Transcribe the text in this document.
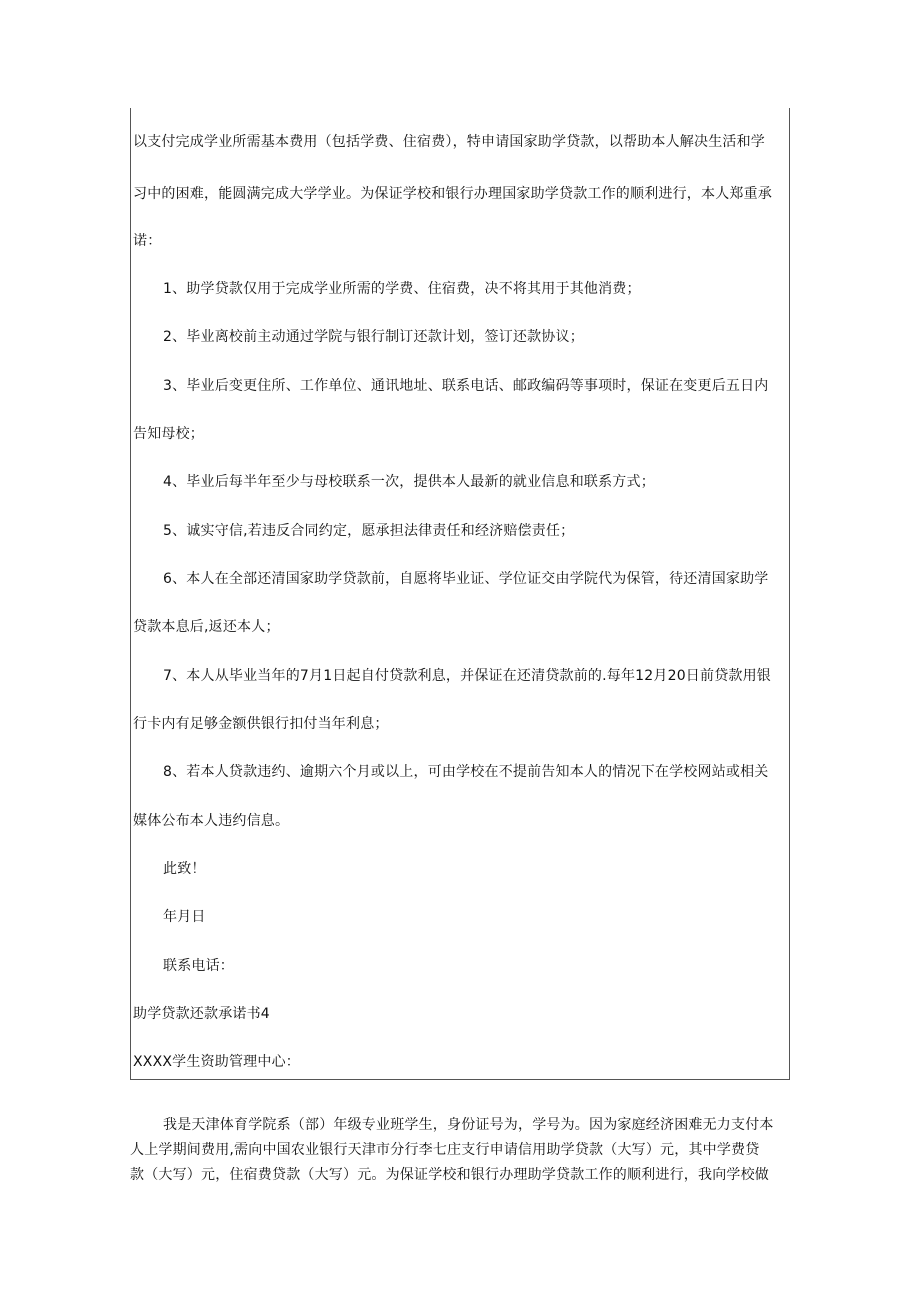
以支付完成学业所需基本费用（包括学费、住宿费），特申请国家助学贷款，以帮助本人解决生活和学
习中的困难，能圆满完成大学学业。为保证学校和银行办理国家助学贷款工作的顺利进行，本人郑重承
诺：
1、助学贷款仅用于完成学业所需的学费、住宿费，决不将其用于其他消费；
2、毕业离校前主动通过学院与银行制订还款计划，签订还款协议；
3、毕业后变更住所、工作单位、通讯地址、联系电话、邮政编码等事项时，保证在变更后五日内
告知母校；
4、毕业后每半年至少与母校联系一次，提供本人最新的就业信息和联系方式；
5、诚实守信,若违反合同约定，愿承担法律责任和经济赔偿责任；
6、本人在全部还清国家助学贷款前，自愿将毕业证、学位证交由学院代为保管，待还清国家助学
贷款本息后,返还本人；
7、本人从毕业当年的7月1日起自付贷款利息，并保证在还清贷款前的.每年12月20日前贷款用银
行卡内有足够金额供银行扣付当年利息；
8、若本人贷款违约、逾期六个月或以上，可由学校在不提前告知本人的情况下在学校网站或相关
媒体公布本人违约信息。
此致！
年月日
联系电话：
助学贷款还款承诺书4
XXXX学生资助管理中心：
我是天津体育学院系（部）年级专业班学生，身份证号为，学号为。因为家庭经济困难无力支付本
人上学期间费用,需向中国农业银行天津市分行李七庄支行申请信用助学贷款（大写）元，其中学费贷
款（大写）元，住宿费贷款（大写）元。为保证学校和银行办理助学贷款工作的顺利进行，我向学校做
